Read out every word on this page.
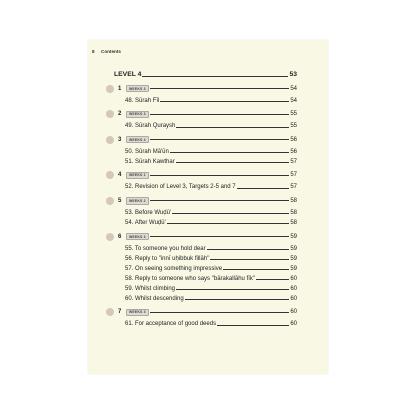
8 Contents
LEVEL 4	53
1	WEEKS 3	54
48. Sūrah Fīl	54
2	WEEKS 3	55
49. Sūrah Quraysh	55
3	WEEKS 4	56
50. Sūrah Mā'ūn	56
51. Sūrah Kawthar	57
4	WEEKS 1	57
52. Revision of Level 3, Targets 2-5 and 7	57
5	WEEKS 2	58
53. Before Wuḍū'	58
54. After Wuḍū'	58
6	WEEKS 3	59
55. To someone you hold dear	59
56. Reply to "innī uḥibbuk fillāh"	59
57. On seeing something impressive	59
58. Reply to someone who says "bārakallāhu fīk"	60
59. Whilst climbing	60
60. Whilst descending	60
7	WEEKS 3	60
61. For acceptance of good deeds	60
